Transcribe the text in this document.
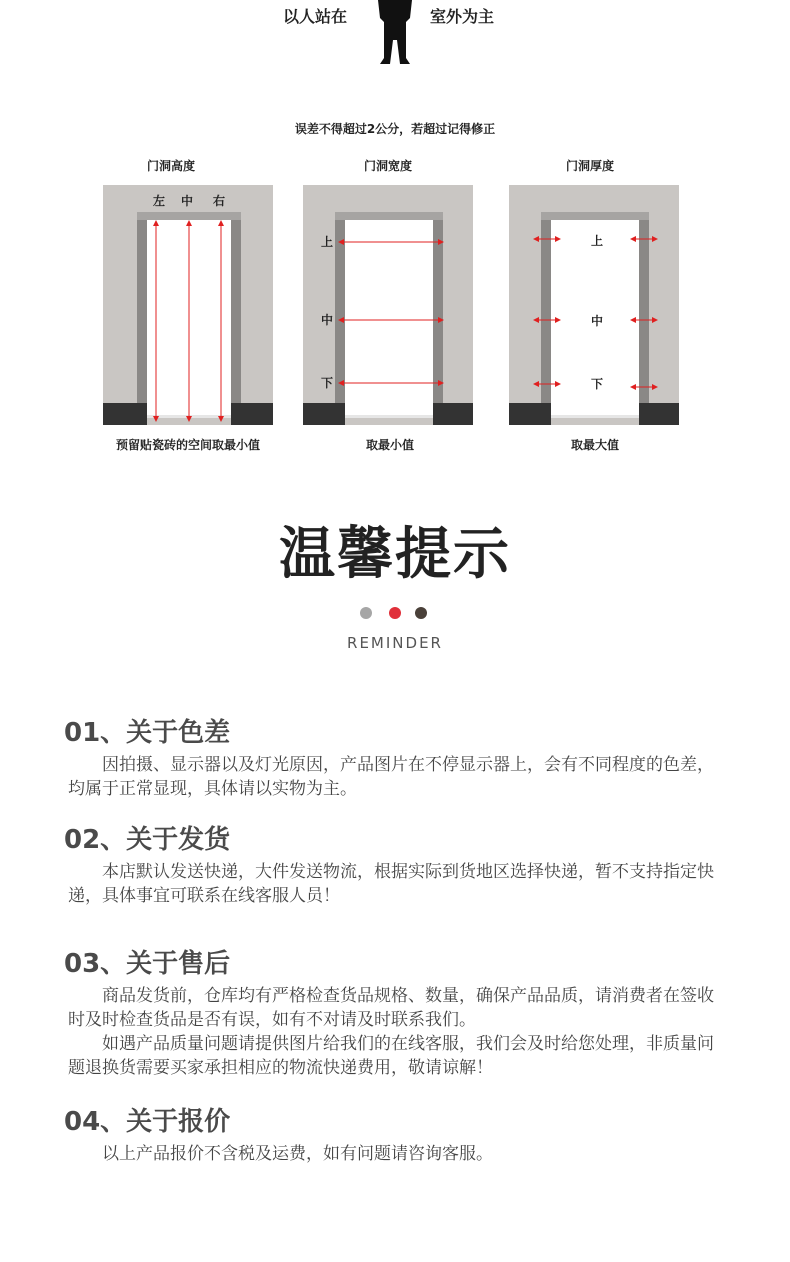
以人站在	室外为主
误差不得超过2公分，若超过记得修正
门洞高度	门洞宽度	门洞厚度
左 中 右
上
中
下
上
中
下
预留贴瓷砖的空间取最小值	取最小值	取最大值
温馨提示
REMINDER
01、关于色差

因拍摄、显示器以及灯光原因，产品图片在不停显示器上，会有不同程度的色差，均属于正常显现，具体请以实物为主。

02、关于发货

本店默认发送快递，大件发送物流，根据实际到货地区选择快递，暂不支持指定快递，具体事宜可联系在线客服人员！

03、关于售后

商品发货前，仓库均有严格检查货品规格、数量，确保产品品质，请消费者在签收时及时检查货品是否有误，如有不对请及时联系我们。

如遇产品质量问题请提供图片给我们的在线客服，我们会及时给您处理，非质量问题退换货需要买家承担相应的物流快递费用，敬请谅解！

04、关于报价

以上产品报价不含税及运费，如有问题请咨询客服。
